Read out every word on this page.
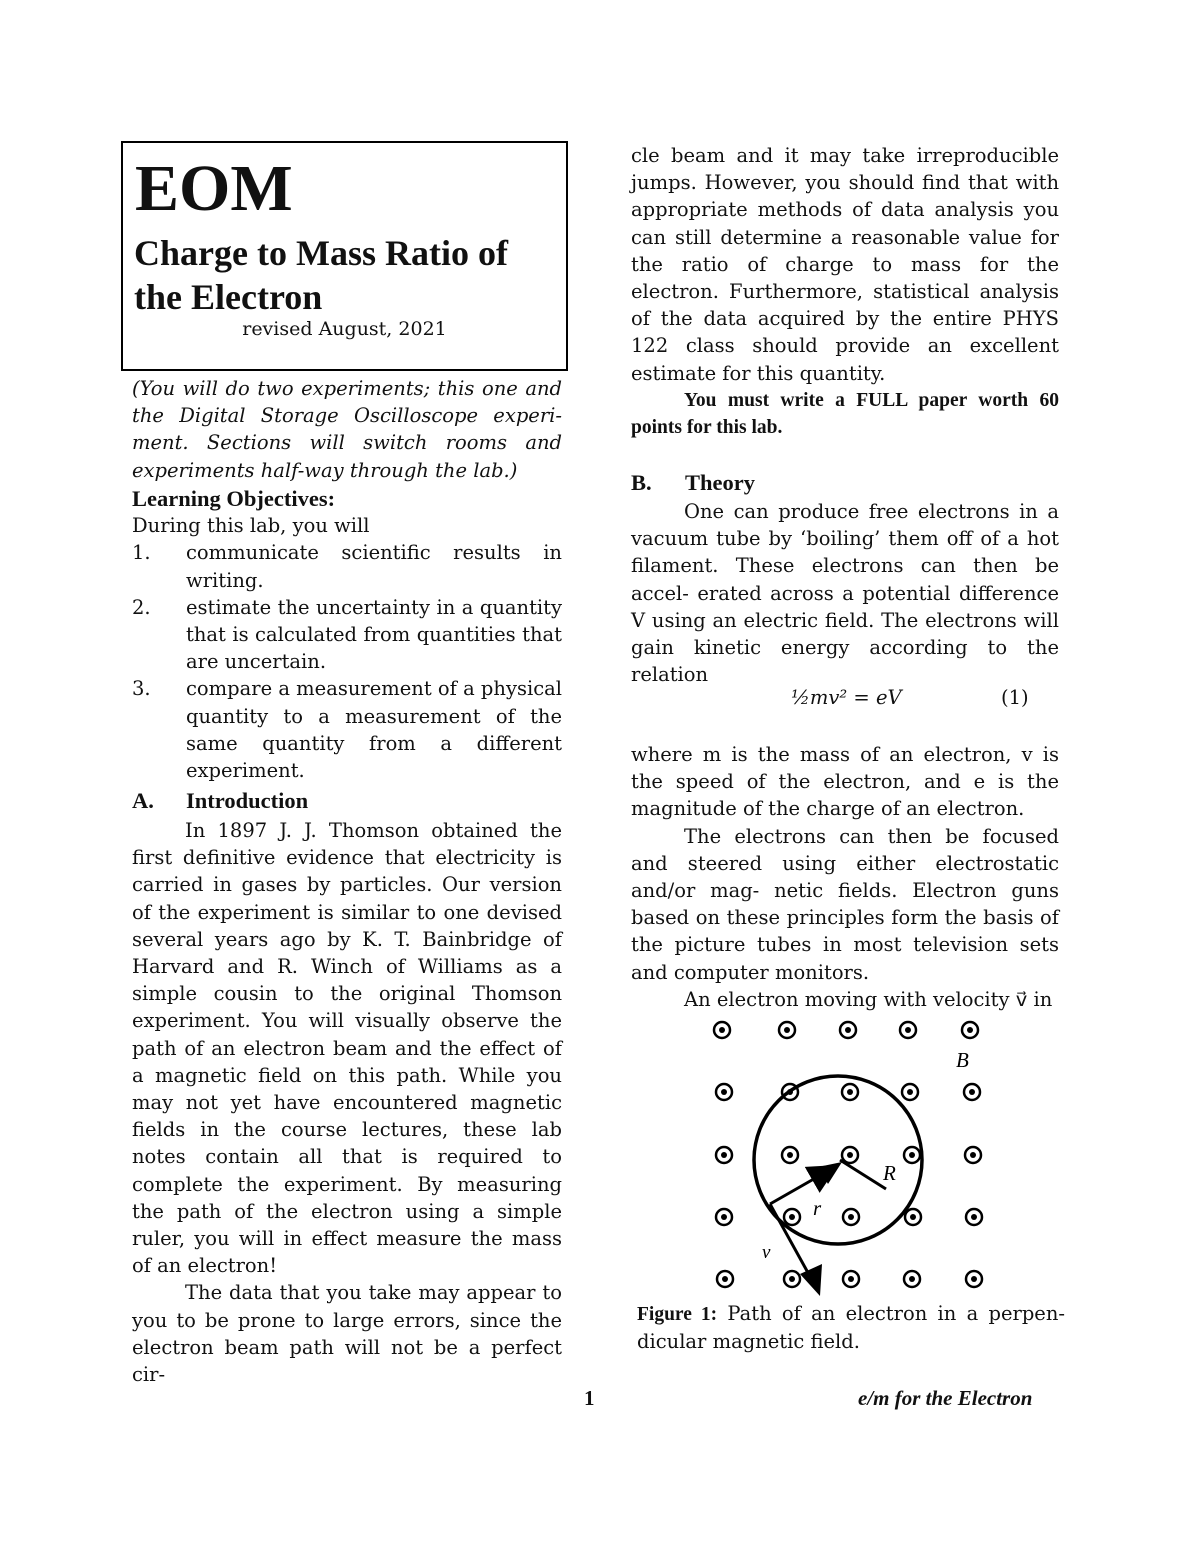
EOM
Charge to Mass Ratio of the Electron
revised August, 2021

(You will do two experiments; this one and the Digital Storage Oscilloscope experi- ment. Sections will switch rooms and experiments half-way through the lab.)

Learning Objectives:

During this lab, you will

1. communicate scientific results in writing.
2. estimate the uncertainty in a quantity that is calculated from quantities that are uncertain.
3. compare a measurement of a physical quantity to a measurement of the same quantity from a different experiment.
A. Introduction

In 1897 J. J. Thomson obtained the first definitive evidence that electricity is carried in gases by particles. Our version of the experiment is similar to one devised several years ago by K. T. Bainbridge of Harvard and R. Winch of Williams as a simple cousin to the original Thomson experiment. You will visually observe the path of an electron beam and the effect of a magnetic field on this path. While you may not yet have encountered magnetic fields in the course lectures, these lab notes contain all that is required to complete the experiment. By measuring the path of the electron using a simple ruler, you will in effect measure the mass of an electron!

The data that you take may appear to you to be prone to large errors, since the electron beam path will not be a perfect cir-

cle beam and it may take irreproducible jumps. However, you should find that with appropriate methods of data analysis you can still determine a reasonable value for the ratio of charge to mass for the electron. Furthermore, statistical analysis of the data acquired by the entire PHYS 122 class should provide an excellent estimate for this quantity.

You must write a FULL paper worth 60 points for this lab.

B. Theory

One can produce free electrons in a vacuum tube by ‘boiling’ them off of a hot filament. These electrons can then be accel- erated across a potential difference V using an electric field. The electrons will gain kinetic energy according to the relation

½mv² = eV	(1)

where m is the mass of an electron, v is the speed of the electron, and e is the magnitude of the charge of an electron.

The electrons can then be focused and steered using either electrostatic and/or mag- netic fields. Electron guns based on these principles form the basis of the picture tubes in most television sets and computer monitors.

An electron moving with velocity v⃗ in

B⃗
R
r⃗
v⃗

Figure 1: Path of an electron in a perpen- dicular magnetic field.

1	e/m for the Electron
